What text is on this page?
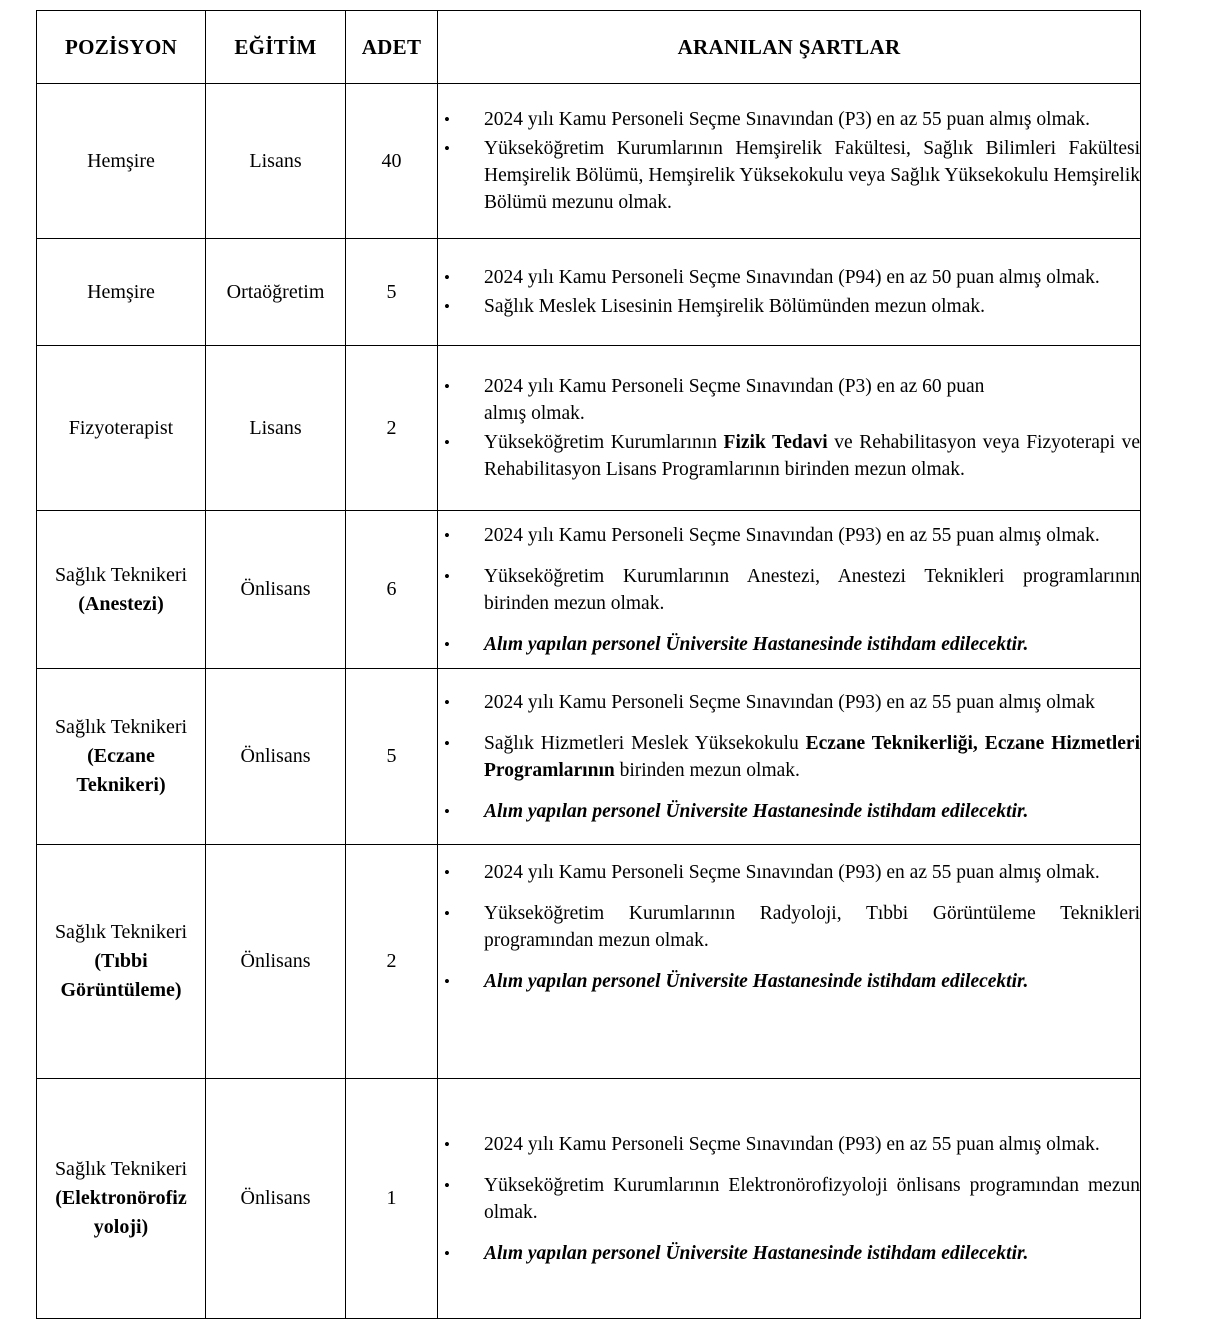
POZİSYON	EĞİTİM	ADET	ARANILAN ŞARTLAR

Hemşire	Lisans	40	• 2024 yılı Kamu Personeli Seçme Sınavından (P3) en az 55 puan almış olmak.
• Yükseköğretim Kurumlarının Hemşirelik Fakültesi, Sağlık Bilimleri Fakültesi Hemşirelik Bölümü, Hemşirelik Yüksekokulu veya Sağlık Yüksekokulu Hemşirelik Bölümü mezunu olmak.

Hemşire	Ortaöğretim	5	• 2024 yılı Kamu Personeli Seçme Sınavından (P94) en az 50 puan almış olmak.
• Sağlık Meslek Lisesinin Hemşirelik Bölümünden mezun olmak.

Fizyoterapist	Lisans	2	• 2024 yılı Kamu Personeli Seçme Sınavından (P3) en az 60 puan
almış olmak.
• Yükseköğretim Kurumlarının Fizik Tedavi ve Rehabilitasyon veya Fizyoterapi ve Rehabilitasyon Lisans Programlarının birinden mezun olmak.

Sağlık Teknikeri
(Anestezi)
	Önlisans	6	
•	2024 yılı Kamu Personeli Seçme Sınavından (P93) en az 55 puan almış olmak.
•	Yükseköğretim Kurumlarının Anestezi, Anestezi Teknikleri programlarının birinden mezun olmak.
•	Alım yapılan personel Üniversite Hastanesinde istihdam edilecektir.

Sağlık Teknikeri
(Eczane
Teknikeri)
	Önlisans	5	
•	2024 yılı Kamu Personeli Seçme Sınavından (P93) en az 55 puan almış olmak
•	Sağlık Hizmetleri Meslek Yüksekokulu Eczane Teknikerliği, Eczane Hizmetleri Programlarının birinden mezun olmak.
•	Alım yapılan personel Üniversite Hastanesinde istihdam edilecektir.

Sağlık Teknikeri
(Tıbbi
Görüntüleme)
	Önlisans	2	
•	2024 yılı Kamu Personeli Seçme Sınavından (P93) en az 55 puan almış olmak.
•	Yükseköğretim Kurumlarının Radyoloji, Tıbbi Görüntüleme Teknikleri programından mezun olmak.
•	Alım yapılan personel Üniversite Hastanesinde istihdam edilecektir.

Sağlık Teknikeri
(Elektronörofiz
yoloji)
	Önlisans	1	
•	2024 yılı Kamu Personeli Seçme Sınavından (P93) en az 55 puan almış olmak.
•	Yükseköğretim Kurumlarının Elektronörofizyoloji önlisans programından mezun olmak.
•	Alım yapılan personel Üniversite Hastanesinde istihdam edilecektir.
